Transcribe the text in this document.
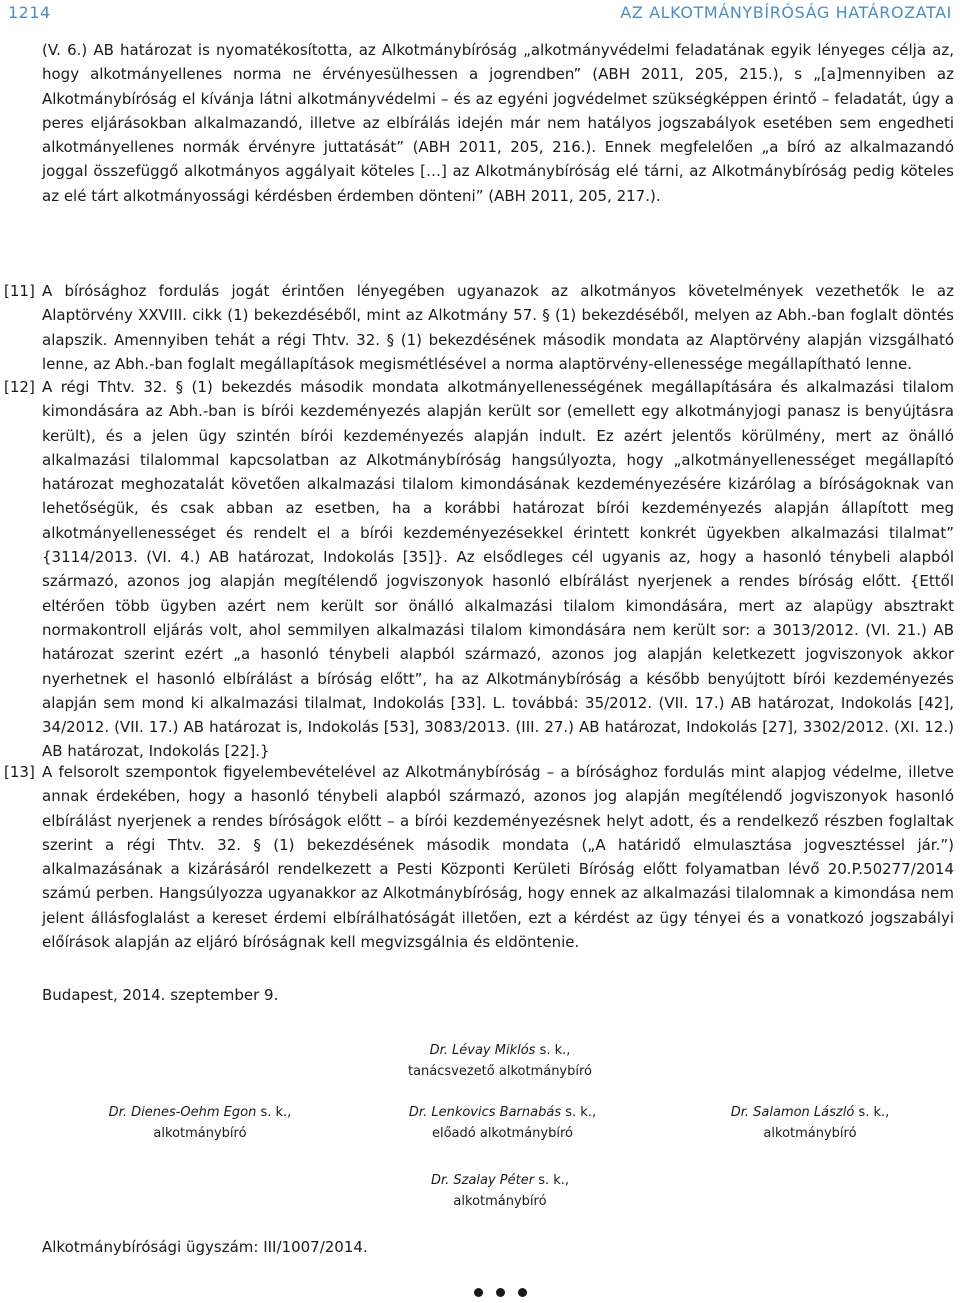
1214	AZ ALKOTMÁNYBÍRÓSÁG HATÁROZATAI

(V. 6.) AB határozat is nyomatékosította, az Alkotmánybíróság „alkotmányvédelmi feladatának egyik lényeges célja az, hogy alkotmányellenes norma ne érvényesülhessen a jogrendben” (ABH 2011, 205, 215.), s „[a]mennyiben az Alkotmánybíróság el kívánja látni alkotmányvédelmi – és az egyéni jogvédelmet szükségképpen érintő – feladatát, úgy a peres eljárásokban alkalmazandó, illetve az elbírálás idején már nem hatályos jogszabályok esetében sem engedheti alkotmányellenes normák érvényre juttatását” (ABH 2011, 205, 216.). Ennek megfelelően „a bíró az alkalmazandó joggal összefüggő alkotmányos aggályait köteles […] az Alkotmánybíróság elé tárni, az Alkotmánybíróság pedig köteles az elé tárt alkotmányossági kérdésben érdemben dönteni” (ABH 2011, 205, 217.).

[11] A bírósághoz fordulás jogát érintően lényegében ugyanazok az alkotmányos követelmények vezethetők le az Alaptörvény XXVIII. cikk (1) bekezdéséből, mint az Alkotmány 57. § (1) bekezdéséből, melyen az Abh.-ban foglalt döntés alapszik. Amennyiben tehát a régi Thtv. 32. § (1) bekezdésének második mondata az Alaptörvény alapján vizsgálható lenne, az Abh.-ban foglalt megállapítások megismétlésével a norma alaptörvény-ellenessége megállapítható lenne.

[12] A régi Thtv. 32. § (1) bekezdés második mondata alkotmányellenességének megállapítására és alkalmazási tilalom kimondására az Abh.-ban is bírói kezdeményezés alapján került sor (emellett egy alkotmányjogi panasz is benyújtásra került), és a jelen ügy szintén bírói kezdeményezés alapján indult. Ez azért jelentős körülmény, mert az önálló alkalmazási tilalommal kapcsolatban az Alkotmánybíróság hangsúlyozta, hogy „alkotmányellenességet megállapító határozat meghozatalát követően alkalmazási tilalom kimondásának kezdeményezésére kizárólag a bíróságoknak van lehetőségük, és csak abban az esetben, ha a korábbi határozat bírói kezdeményezés alapján állapított meg alkotmányellenességet és rendelt el a bírói kezdeményezésekkel érintett konkrét ügyekben alkalmazási tilalmat” {3114/2013. (VI. 4.) AB határozat, Indokolás [35]}. Az elsődleges cél ugyanis az, hogy a hasonló ténybeli alapból származó, azonos jog alapján megítélendő jogviszonyok hasonló elbírálást nyerjenek a rendes bíróság előtt. {Ettől eltérően több ügyben azért nem került sor önálló alkalmazási tilalom kimondására, mert az alapügy absztrakt normakontroll eljárás volt, ahol semmilyen alkalmazási tilalom kimondására nem került sor: a 3013/2012. (VI. 21.) AB határozat szerint ezért „a hasonló ténybeli alapból származó, azonos jog alapján keletkezett jogviszonyok akkor nyerhetnek el hasonló elbírálást a bíróság előtt”, ha az Alkotmánybíróság a később benyújtott bírói kezdeményezés alapján sem mond ki alkalmazási tilalmat, Indokolás [33]. L. továbbá: 35/2012. (VII. 17.) AB határozat, Indokolás [42], 34/2012. (VII. 17.) AB határozat is, Indokolás [53], 3083/2013. (III. 27.) AB határozat, Indokolás [27], 3302/2012. (XI. 12.) AB határozat, Indokolás [22].}

[13] A felsorolt szempontok figyelembevételével az Alkotmánybíróság – a bírósághoz fordulás mint alapjog védelme, illetve annak érdekében, hogy a hasonló ténybeli alapból származó, azonos jog alapján megítélendő jogviszonyok hasonló elbírálást nyerjenek a rendes bíróságok előtt – a bírói kezdeményezésnek helyt adott, és a rendelkező részben foglaltak szerint a régi Thtv. 32. § (1) bekezdésének második mondata („A határidő elmulasztása jogvesztéssel jár.”) alkalmazásának a kizárásáról rendelkezett a Pesti Központi Kerületi Bíróság előtt folyamatban lévő 20.P.50277/2014 számú perben. Hangsúlyozza ugyanakkor az Alkotmánybíróság, hogy ennek az alkalmazási tilalomnak a kimondása nem jelent állásfoglalást a kereset érdemi elbírálhatóságát illetően, ezt a kérdést az ügy tényei és a vonatkozó jogszabályi előírások alapján az eljáró bíróságnak kell megvizsgálnia és eldöntenie.

Budapest, 2014. szeptember 9.
Dr. Lévay Miklós s. k.,
tanácsvezető alkotmánybíró
Dr. Dienes-Oehm Egon s. k.,
alkotmánybíró
Dr. Lenkovics Barnabás s. k.,
előadó alkotmánybíró
Dr. Salamon László s. k.,
alkotmánybíró
Dr. Szalay Péter s. k.,
alkotmánybíró
Alkotmánybírósági ügyszám: III/1007/2014.
